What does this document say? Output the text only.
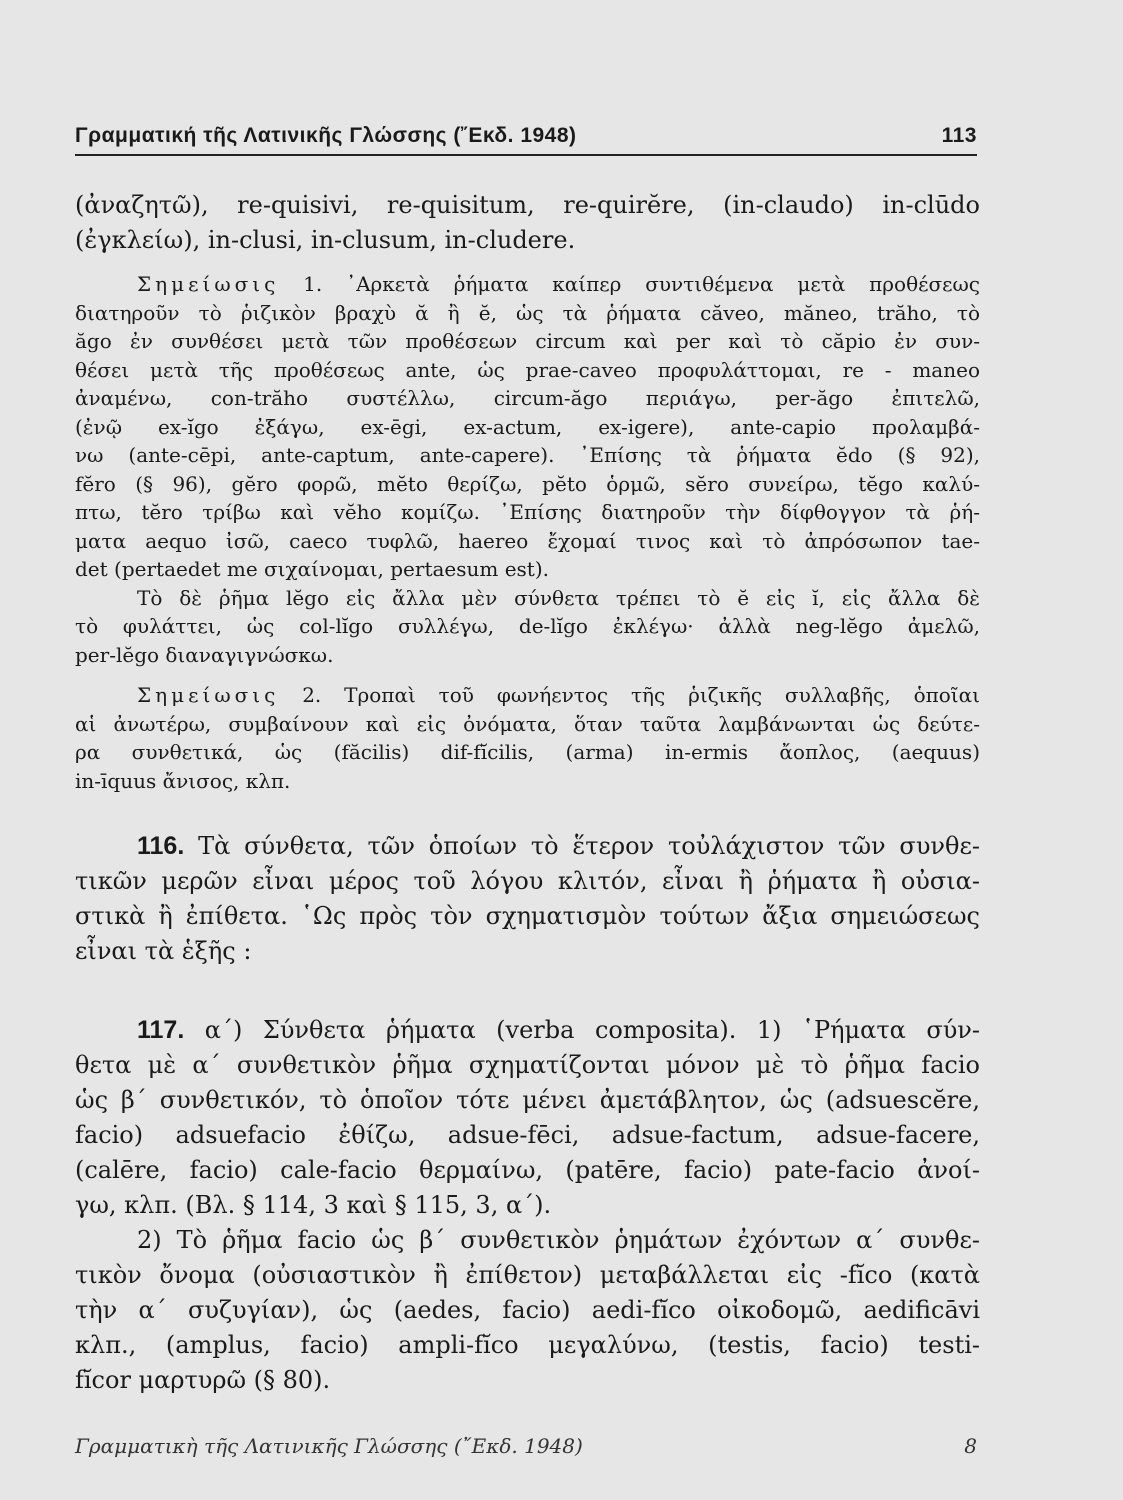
Γραμματική τῆς Λατινικῆς Γλώσσης (῎Εκδ. 1948)	113
(ἀναζητῶ), re-quisivi, re-quisitum, re-quirĕre, (in-claudo) in-clūdo
(ἐγκλείω), in-clusi, in-clusum, in-cludere.
Σημείωσις 1. ᾿Αρκετὰ ῥήματα καίπερ συντιθέμενα μετὰ προθέσεως
διατηροῦν τὸ ῥιζικὸν βραχὺ ᾰ ἢ ĕ, ὡς τὰ ῥήματα căveo, măneo, trăho, τὸ
ăgo ἐν συνθέσει μετὰ τῶν προθέσεων circum καὶ per καὶ τὸ căpio ἐν συν-
θέσει μετὰ τῆς προθέσεως ante, ὡς prae-caveo προφυλάττομαι, re - maneo
ἀναμένω, con-trăho συστέλλω, circum-ăgo περιάγω, per-ăgo ἐπιτελῶ,
(ἐνῷ ex-ĭgo ἐξάγω, ex-ēgi, ex-actum, ex-igere), ante-capio προλαμβά-
νω (ante-cēpi, ante-captum, ante-capere). ᾿Επίσης τὰ ῥήματα ĕdo (§ 92),
fĕro (§ 96), gĕro φορῶ, mĕto θερίζω, pĕto ὁρμῶ, sĕro συνείρω, tĕgo καλύ-
πτω, tĕro τρίβω καὶ vĕho κομίζω. ᾿Επίσης διατηροῦν τὴν δίφθογγον τὰ ῥή-
ματα aequo ἰσῶ, caeco τυφλῶ, haereo ἔχομαί τινος καὶ τὸ ἀπρόσωπον tae-
det (pertaedet me σιχαίνομαι, pertaesum est).
Τὸ δὲ ῥῆμα lĕgo εἰς ἄλλα μὲν σύνθετα τρέπει τὸ ĕ εἰς ĭ, εἰς ἄλλα δὲ
τὸ φυλάττει, ὡς col-lĭgo συλλέγω, de-lĭgo ἐκλέγω· ἀλλὰ neg-lĕgo ἀμελῶ,
per-lĕgo διαναγιγνώσκω.
Σημείωσις 2. Τροπαὶ τοῦ φωνήεντος τῆς ῥιζικῆς συλλαβῆς, ὁποῖαι
αἱ ἀνωτέρω, συμβαίνουν καὶ εἰς ὀνόματα, ὅταν ταῦτα λαμβάνωνται ὡς δεύτε-
ρα συνθετικά, ὡς (făcilis) dif-fĭcilis, (arma) in-ermis ἄοπλος, (aequus)
in-īquus ἄνισος, κλπ.
116. Τὰ σύνθετα, τῶν ὁποίων τὸ ἕτερον τοὐλάχιστον τῶν συνθε-
τικῶν μερῶν εἶναι μέρος τοῦ λόγου κλιτόν, εἶναι ἢ ῥήματα ἢ οὐσια-
στικὰ ἢ ἐπίθετα. ῾Ως πρὸς τὸν σχηματισμὸν τούτων ἄξια σημειώσεως
εἶναι τὰ ἑξῆς :
117. α´) Σύνθετα ῥήματα (verba composita). 1) ῾Ρήματα σύν-
θετα μὲ α´ συνθετικὸν ῥῆμα σχηματίζονται μόνον μὲ τὸ ῥῆμα facio
ὡς β´ συνθετικόν, τὸ ὁποῖον τότε μένει ἀμετάβλητον, ὡς (adsuescĕre,
facio) adsuefacio ἐθίζω, adsue-fēci, adsue-factum, adsue-facere,
(calēre, facio) cale-facio θερμαίνω, (patēre, facio) pate-facio ἀνοί-
γω, κλπ. (Βλ. § 114, 3 καὶ § 115, 3, α´).
2) Τὸ ῥῆμα facio ὡς β´ συνθετικὸν ῥημάτων ἐχόντων α´ συνθε-
τικὸν ὄνομα (οὐσιαστικὸν ἢ ἐπίθετον) μεταβάλλεται εἰς -fĭco (κατὰ
τὴν α´ συζυγίαν), ὡς (aedes, facio) aedi-fĭco οἰκοδομῶ, aedificāvi
κλπ., (amplus, facio) ampli-fĭco μεγαλύνω, (testis, facio) testi-
fĭcor μαρτυρῶ (§ 80).
Γραμματικὴ τῆς Λατινικῆς Γλώσσης (῎Εκδ. 1948)	8
